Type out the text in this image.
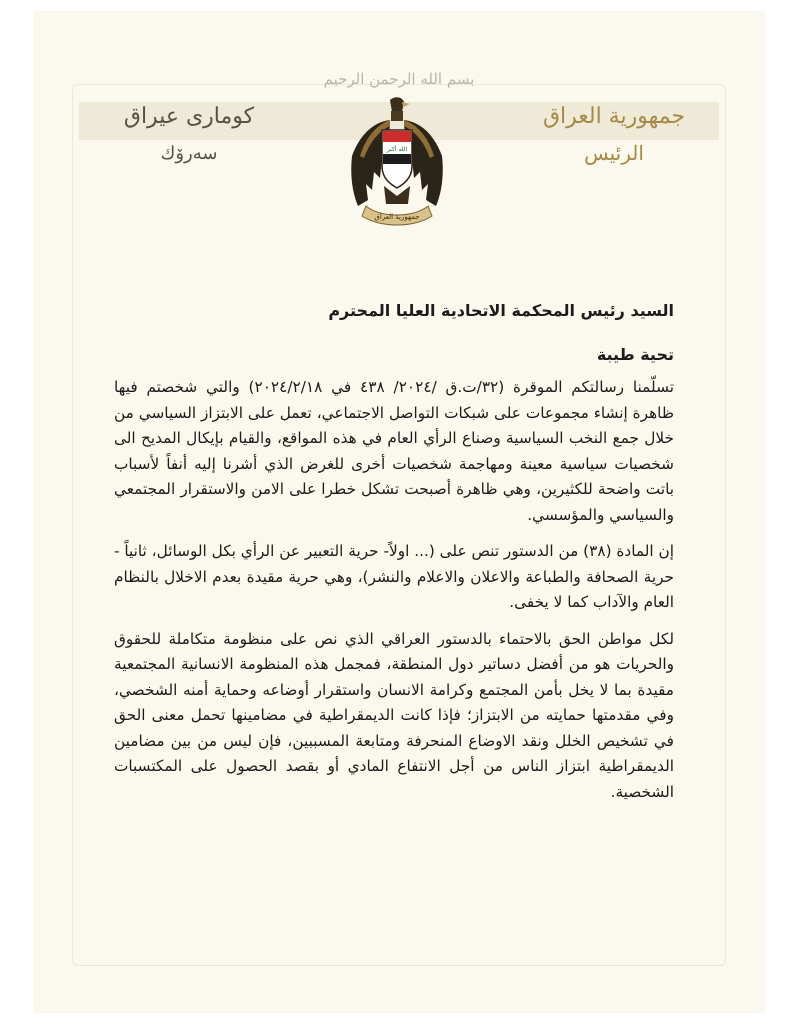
بسم الله الرحمن الرحيم
كوماری عیراق
سەرۆك
جمهورية العراق
الرئيس
الله أكبر
جمهورية العراق
السيد رئيس المحكمة الاتحادية العليا المحترم
تحية طيبة

تسلّمنا رسالتكم الموقرة (٣٢/ت.ق /٢٠٢٤/ ٤٣٨ في ٢٠٢٤/٢/١٨) والتي شخصتم فيها ظاهرة إنشاء مجموعات على شبكات التواصل الاجتماعي، تعمل على الابتزاز السياسي من خلال جمع النخب السياسية وصناع الرأي العام في هذه المواقع، والقيام بإيكال المديح الى شخصيات سياسية معينة ومهاجمة شخصيات أخرى للغرض الذي أشرنا إليه أنفاً لأسباب باتت واضحة للكثيرين، وهي ظاهرة أصبحت تشكل خطرا على الامن والاستقرار المجتمعي والسياسي والمؤسسي.

إن المادة (٣٨) من الدستور تنص على (... اولاً- حرية التعبير عن الرأي بكل الوسائل، ثانياً - حرية الصحافة والطباعة والاعلان والاعلام والنشر)، وهي حرية مقيدة بعدم الاخلال بالنظام العام والآداب كما لا يخفى.

لكل مواطن الحق بالاحتماء بالدستور العراقي الذي نص على منظومة متكاملة للحقوق والحريات هو من أفضل دساتير دول المنطقة، فمجمل هذه المنظومة الانسانية المجتمعية مقيدة بما لا يخل بأمن المجتمع وكرامة الانسان واستقرار أوضاعه وحماية أمنه الشخصي، وفي مقدمتها حمايته من الابتزاز؛ فإذا كانت الديمقراطية في مضامينها تحمل معنى الحق في تشخيص الخلل ونقد الاوضاع المنحرفة ومتابعة المسببين، فإن ليس من بين مضامين الديمقراطية ابتزاز الناس من أجل الانتفاع المادي أو بقصد الحصول على المكتسبات الشخصية.
